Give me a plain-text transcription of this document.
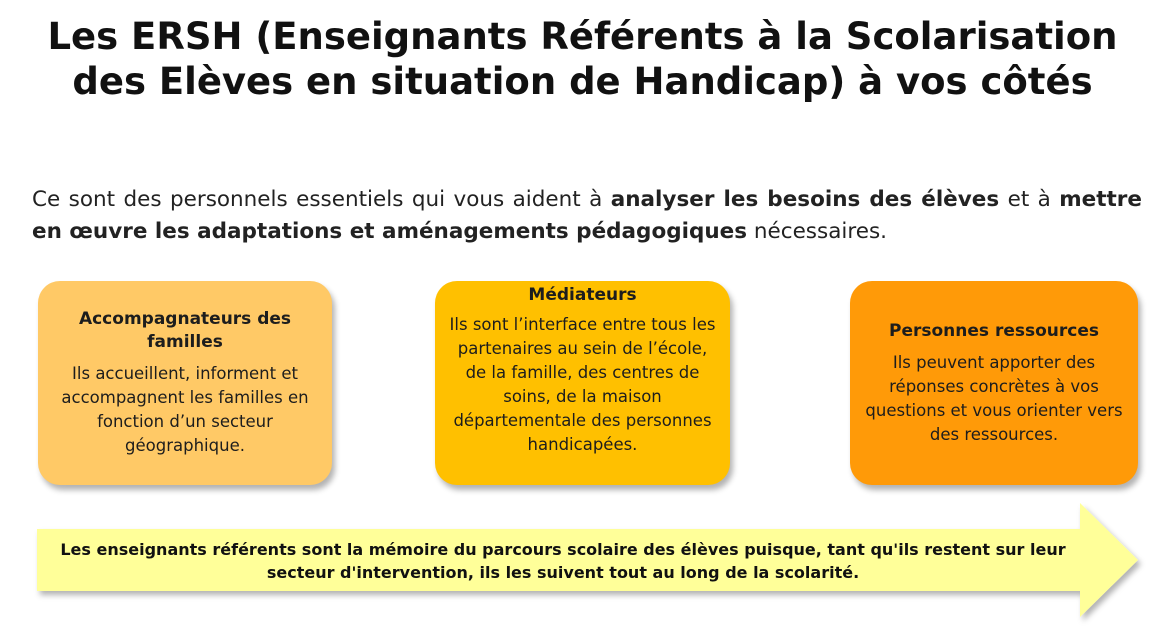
Les ERSH (Enseignants Référents à la Scolarisation
des Elèves en situation de Handicap) à vos côtés

Ce sont des personnels essentiels qui vous aident à analyser les besoins des élèves et à mettre en œuvre les adaptations et aménagements pédagogiques nécessaires.

Accompagnateurs des familles

Ils accueillent, informent et accompagnent les familles en fonction d’un secteur géographique.

Médiateurs

Ils sont l’interface entre tous les partenaires au sein de l’école, de la famille, des centres de soins, de la maison départementale des personnes handicapées.

Personnes ressources

Ils peuvent apporter des réponses concrètes à vos questions et vous orienter vers des ressources.

Les enseignants référents sont la mémoire du parcours scolaire des élèves puisque, tant qu'ils restent sur leur secteur d'intervention, ils les suivent tout au long de la scolarité.
